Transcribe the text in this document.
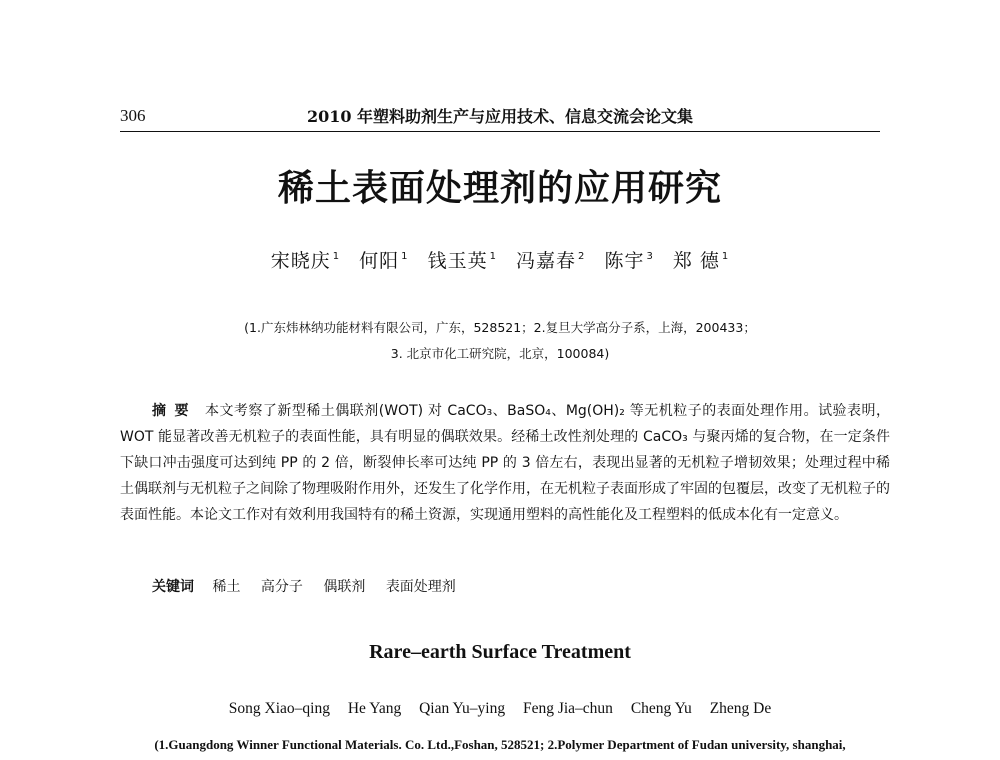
306	2010 年塑料助剂生产与应用技术、信息交流会论文集
稀土表面处理剂的应用研究
宋晓庆 $^1$ 何阳 $^1$ 钱玉英 $^1$ 冯嘉春 $^2$ 陈宇 $^3$ 郑 德 $^1$
(1.广东炜林纳功能材料有限公司，广东，528521；2.复旦大学高分子系，上海，200433；
3. 北京市化工研究院，北京，100084)

摘要 本文考察了新型稀土偶联剂(WOT) 对 CaCO₃、BaSO₄、Mg(OH)₂ 等无机粒子的表面处理作用。试验表明，WOT 能显著改善无机粒子的表面性能，具有明显的偶联效果。经稀土改性剂处理的 CaCO₃ 与聚丙烯的复合物，在一定条件下缺口冲击强度可达到纯 PP 的 2 倍，断裂伸长率可达纯 PP 的 3 倍左右，表现出显著的无机粒子增韧效果；处理过程中稀土偶联剂与无机粒子之间除了物理吸附作用外，还发生了化学作用，在无机粒子表面形成了牢固的包覆层，改变了无机粒子的表面性能。本论文工作对有效利用我国特有的稀土资源，实现通用塑料的高性能化及工程塑料的低成本化有一定意义。

关键词 稀土 高分子 偶联剂 表面处理剂
Rare–earth Surface Treatment
Song Xiao–qing He Yang Qian Yu–ying Feng Jia–chun Cheng Yu Zheng De
(1.Guangdong Winner Functional Materials. Co. Ltd.,Foshan, 528521; 2.Polymer Department of Fudan university, shanghai,
